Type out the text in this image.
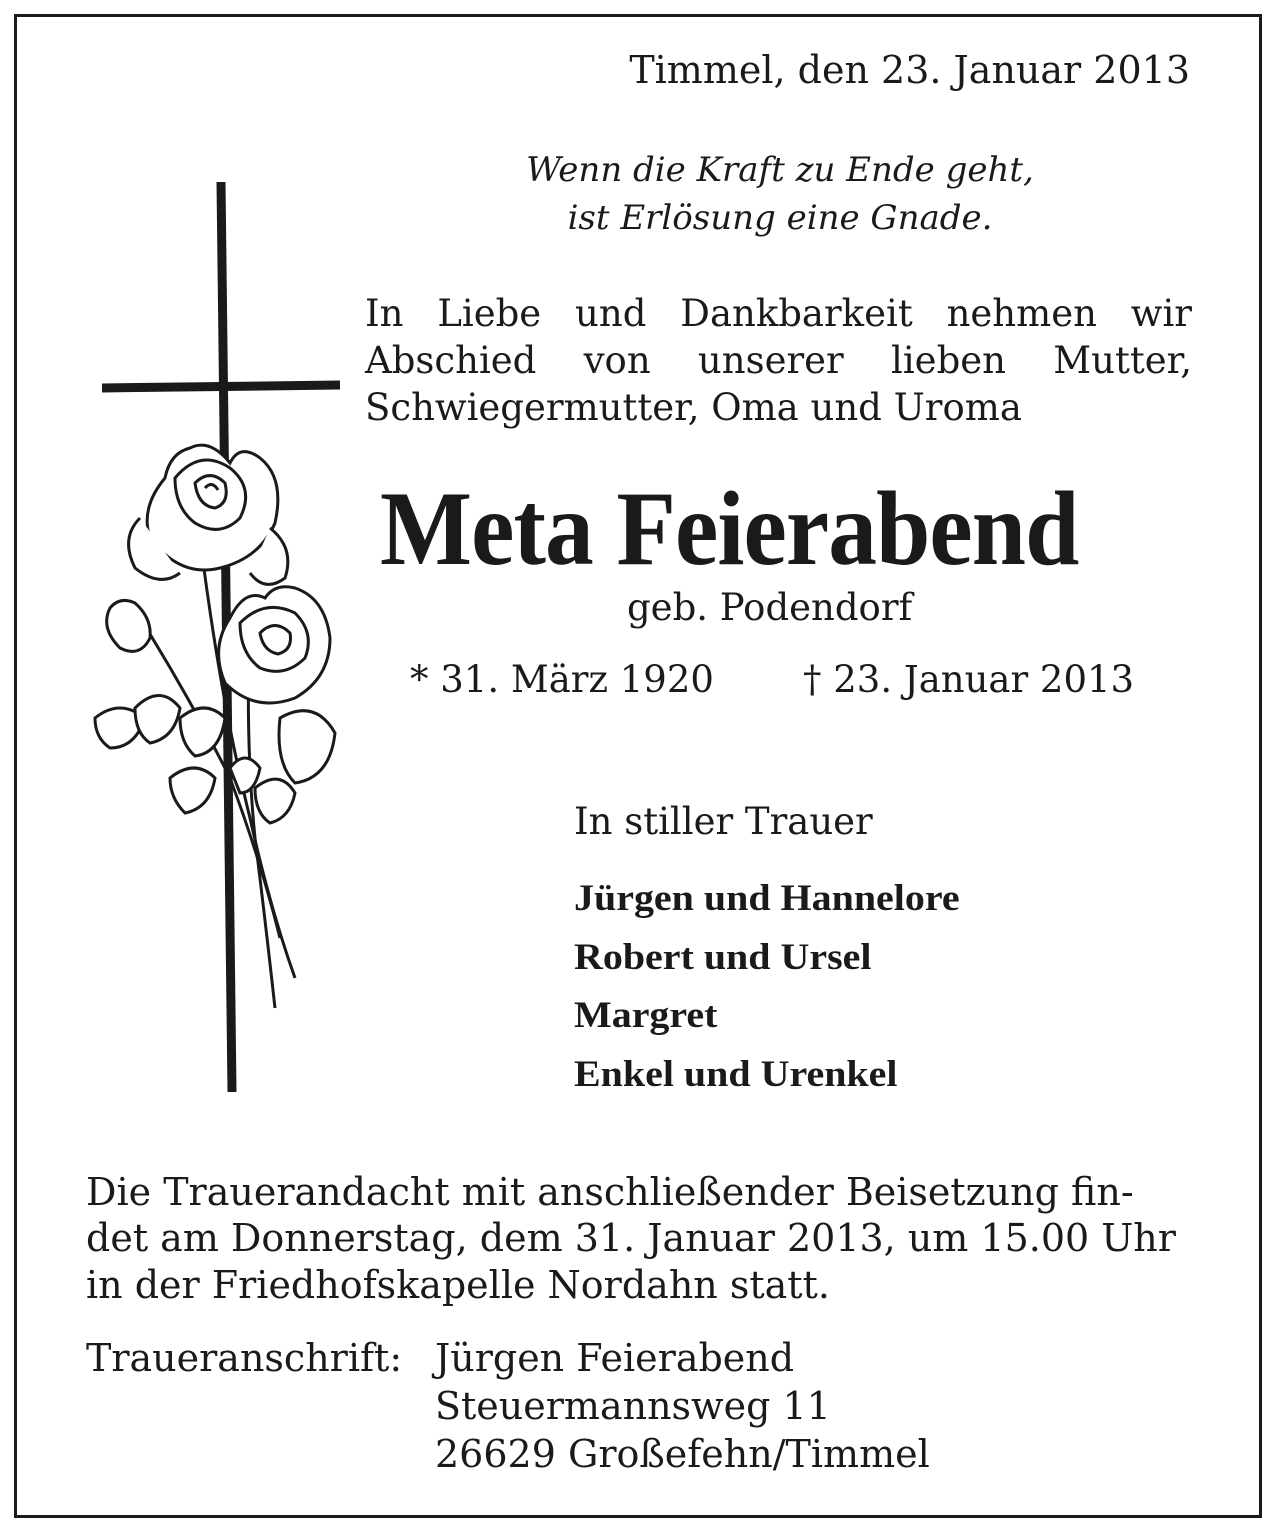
Timmel, den 23. Januar 2013

Wenn die Kraft zu Ende geht,

ist Erlösung eine Gnade.

In Liebe und Dankbarkeit nehmen wir

Abschied von unserer lieben Mutter,

Schwiegermutter, Oma und Uroma

Meta Feierabend

geb. Podendorf

* 31. März 1920 † 23. Januar 2013

In stiller Trauer

Jürgen und Hannelore

Robert und Ursel

Margret

Enkel und Urenkel

Die Trauerandacht mit anschließender Beisetzung fin-

det am Donnerstag, dem 31. Januar 2013, um 15.00 Uhr

in der Friedhofskapelle Nordahn statt.

Traueranschrift: Jürgen Feierabend

Steuermannsweg 11

26629 Großefehn/Timmel
